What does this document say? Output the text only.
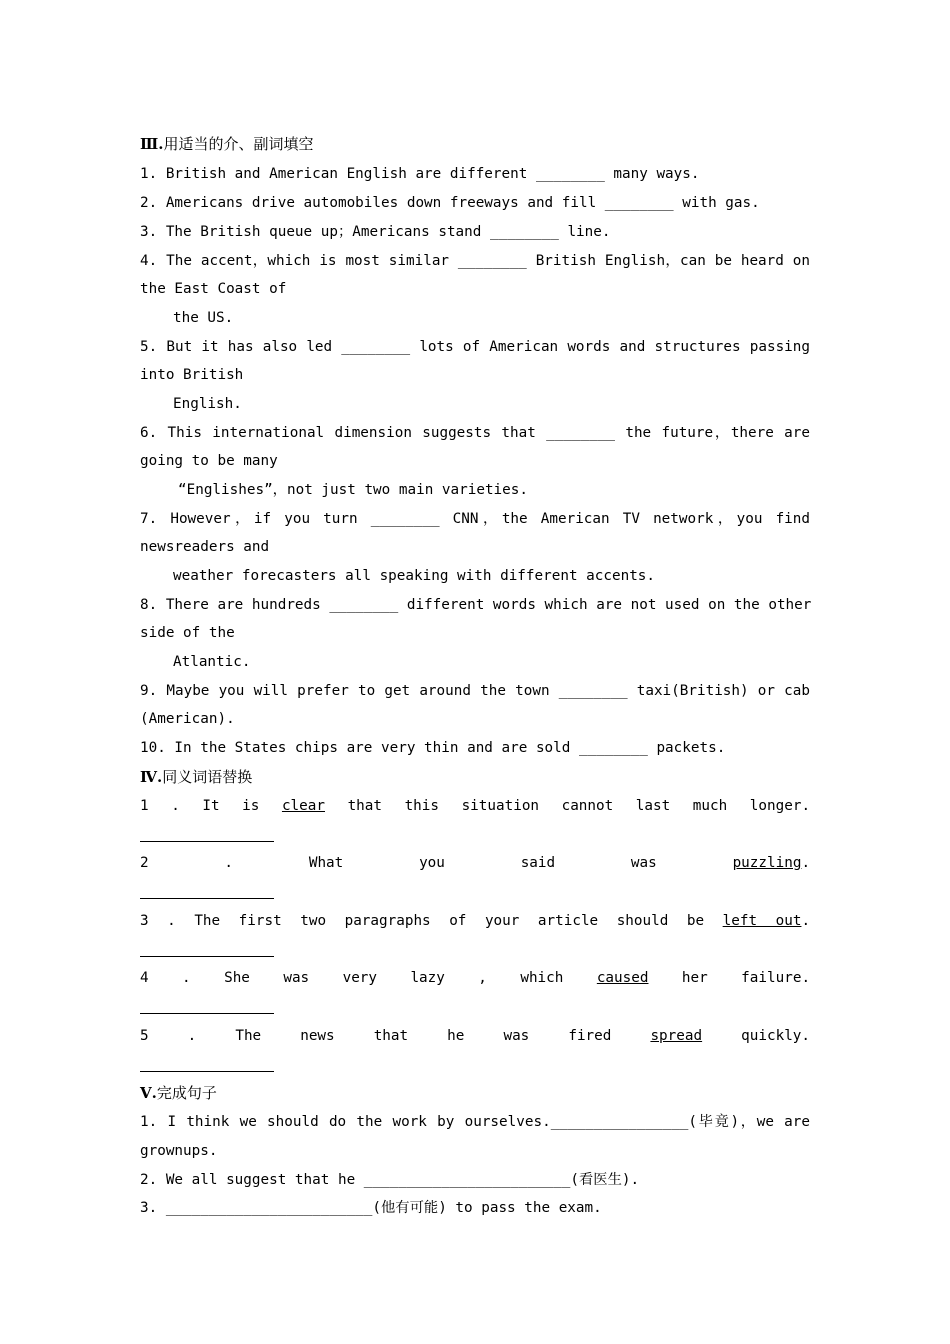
Ⅲ.用适当的介、副词填空
1. British and American English are different ________ many ways.
2. Americans drive automobiles down freeways and fill ________ with gas.
3. The British queue up；Americans stand ________ line.
4. The accent，which is most similar ________ British English，can be heard on
the East Coast of
the US.
5. But it has also led ________ lots of American words and structures passing
into British
English.
6. This international dimension suggests that ________ the future，there are
going to be many
“Englishes”，not just two main varieties.
7. However，if you turn ________ CNN，the American TV network，you find
newsreaders and
weather forecasters all speaking with different accents.
8. There are hundreds ________ different words which are not used on the other
side of the
Atlantic.
9. Maybe you will prefer to get around the town ________ taxi(British) or cab
(American).
10. In the States chips are very thin and are sold ________ packets.
Ⅳ.同义词语替换
1 . It is clear that this situation cannot last much longer.
2	.	What you said was	puzzling.
3 . The first two paragraphs of your article should be left out.
4 . She was very lazy , which caused her failure.
5	.	The news that he was fired	spread	quickly.
Ⅴ.完成句子
1. I think we should do the work by ourselves.________________(毕竟)，we are
grownups.
2. We all suggest that he ________________________(看医生).
3. ________________________(他有可能) to pass the exam.
